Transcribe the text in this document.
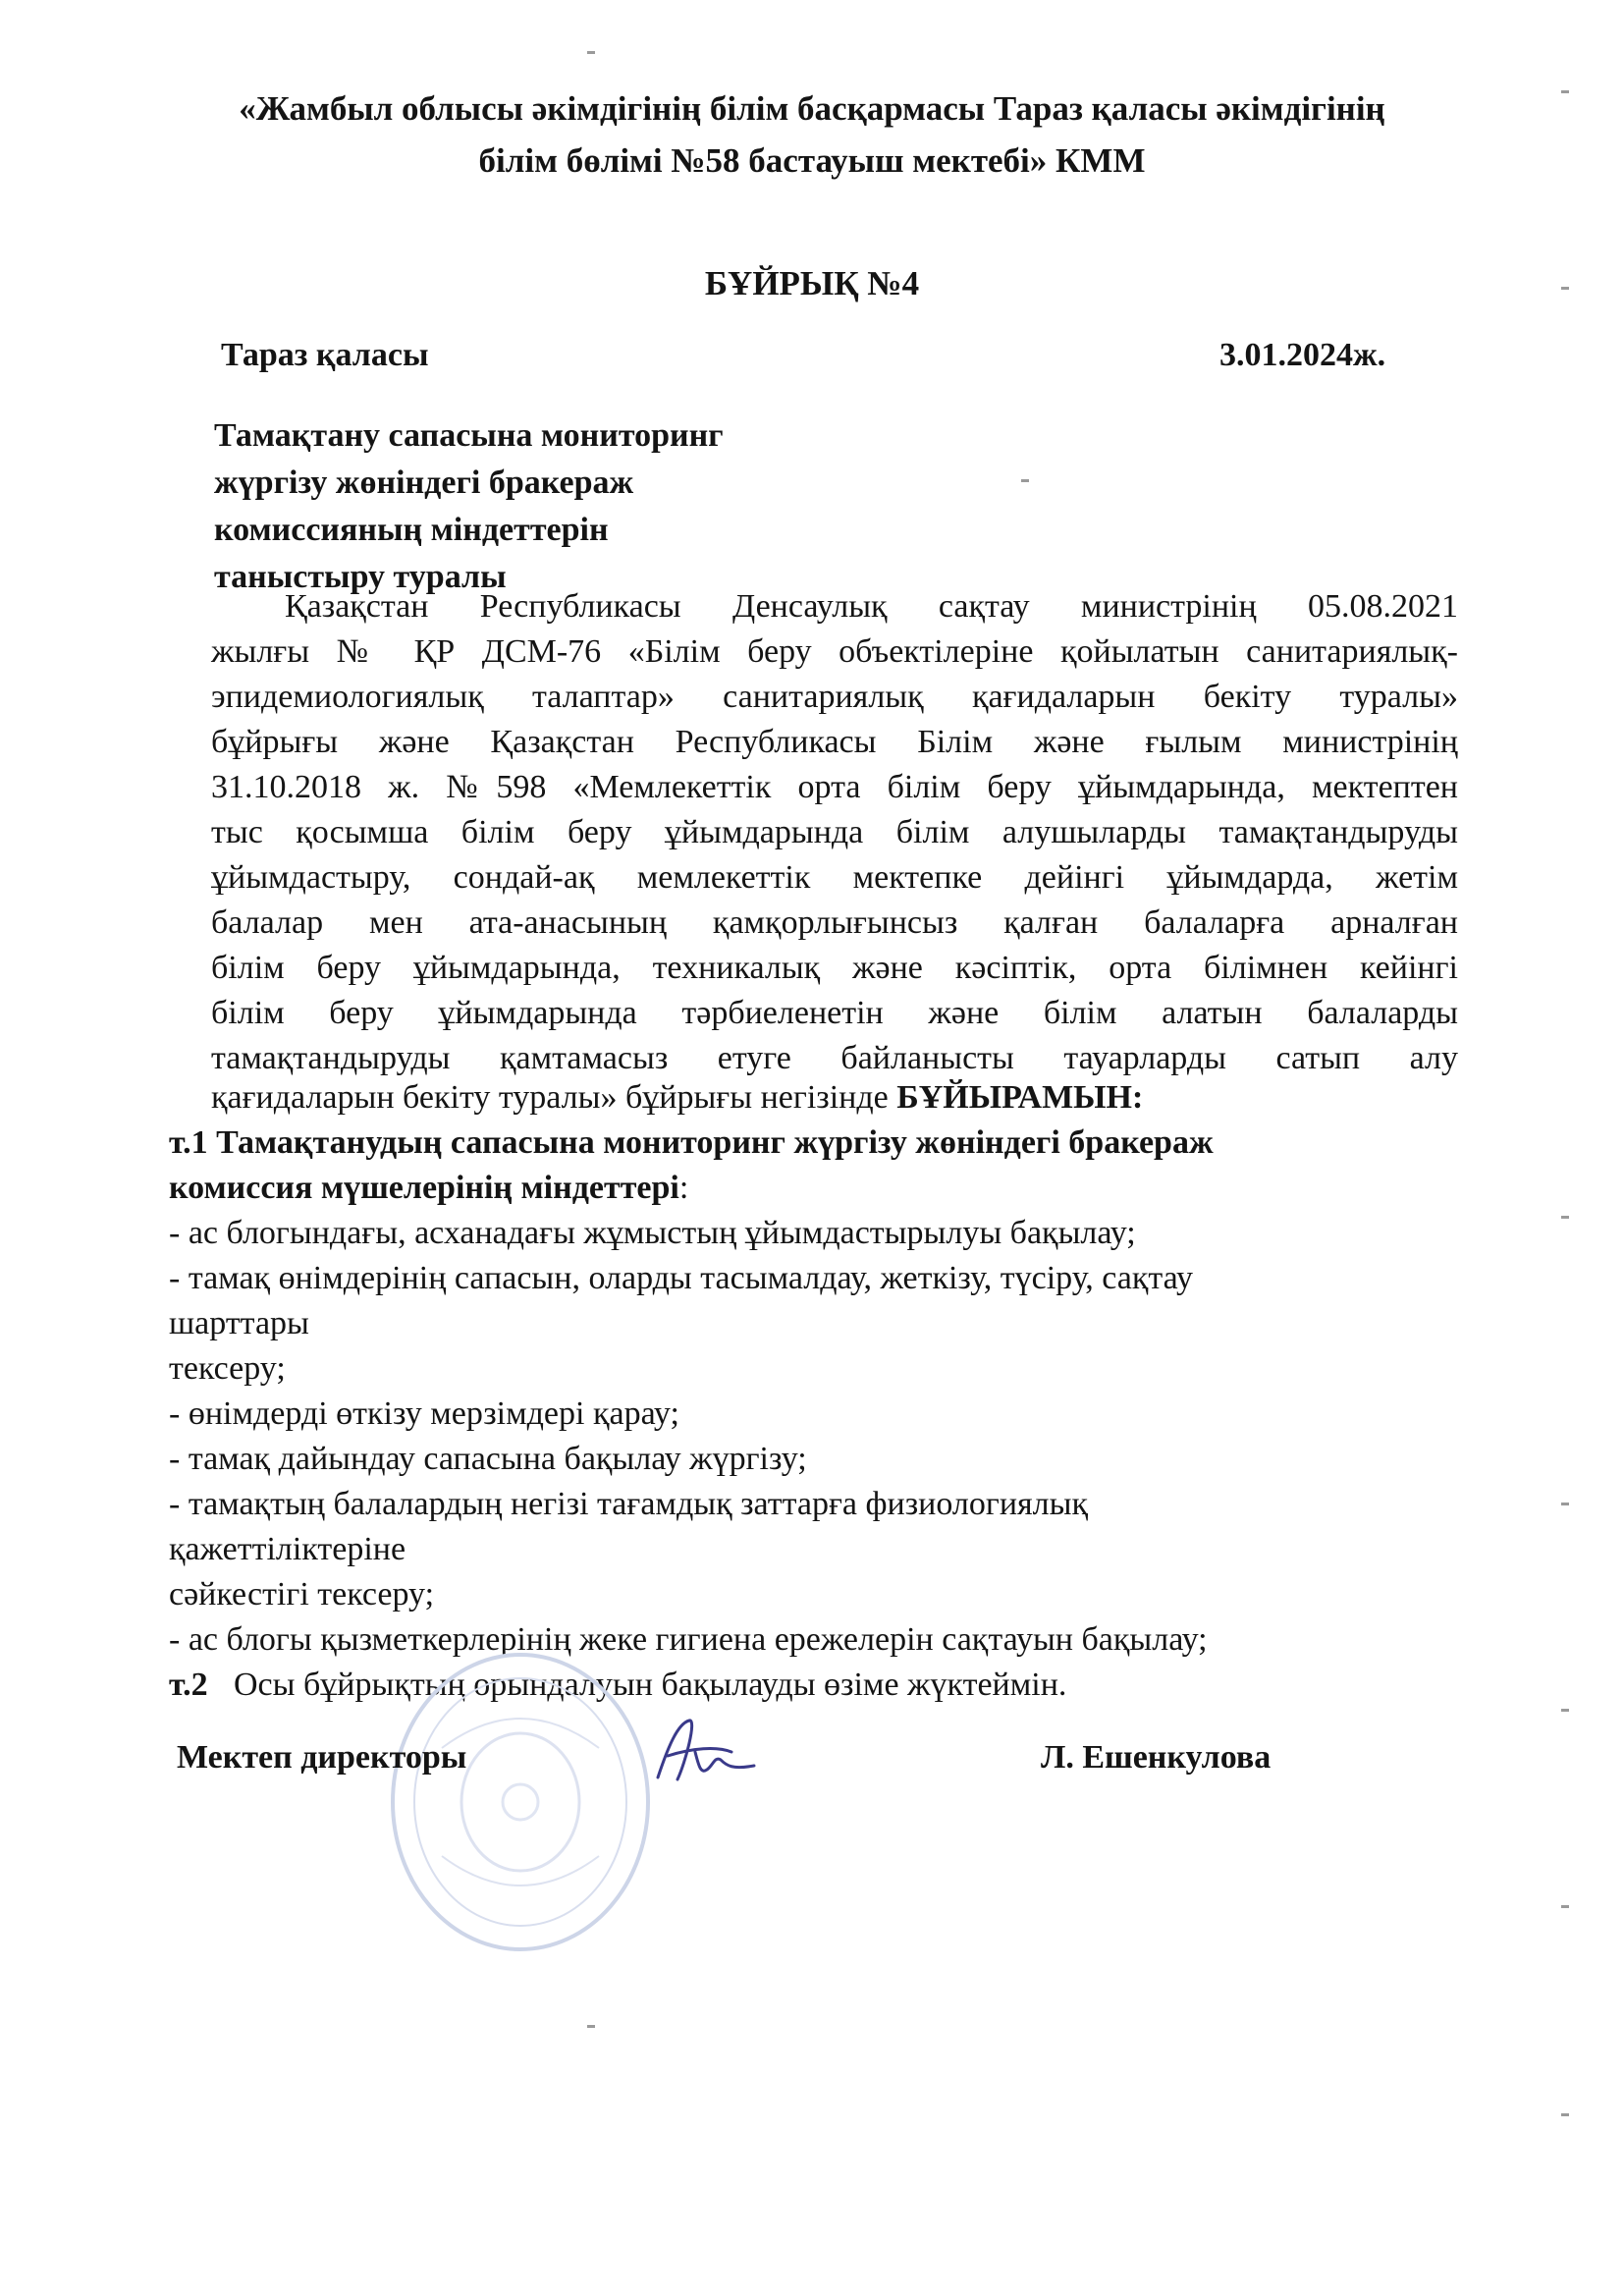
«Жамбыл облысы әкімдігінің білім басқармасы Тараз қаласы әкімдігінің
білім бөлімі №58 бастауыш мектебі» КММ
БҰЙРЫҚ №4
Тараз қаласы	3.01.2024ж.
Тамақтану сапасына мониторинг
жүргізу жөніндегі бракераж
комиссияның міндеттерін
таныстыру туралы
Қазақстан Республикасы Денсаулық сақтау министрінің 05.08.2021
жылғы № ҚР ДСМ-76 «Білім беру объектілеріне қойылатын санитариялық-
эпидемиологиялық талаптар» санитариялық қағидаларын бекіту туралы»
бұйрығы және Қазақстан Республикасы Білім және ғылым министрінің
31.10.2018 ж. №598 «Мемлекеттік орта білім беру ұйымдарында, мектептен
тыс қосымша білім беру ұйымдарында білім алушыларды тамақтандыруды
ұйымдастыру, сондай-ақ мемлекеттік мектепке дейінгі ұйымдарда, жетім
балалар мен ата-анасының қамқорлығынсыз қалған балаларға арналған
білім беру ұйымдарында, техникалық және кәсіптік, орта білімнен кейінгі
білім беру ұйымдарында тәрбиеленетін және білім алатын балаларды
тамақтандыруды қамтамасыз етуге байланысты тауарларды сатып алу
қағидаларын бекіту туралы» бұйрығы негізінде БҰЙЫРАМЫН:
т.1 Тамақтанудың сапасына мониторинг жүргізу жөніндегі бракераж
комиссия мүшелерінің міндеттері:
- ас блогындағы, асханадағы жұмыстың ұйымдастырылуы бақылау;
- тамақ өнімдерінің сапасын, оларды тасымалдау, жеткізу, түсіру, сақтау
шарттары
тексеру;
- өнімдерді өткізу мерзімдері қарау;
- тамақ дайындау сапасына бақылау жүргізу;
- тамақтың балалардың негізі тағамдық заттарға физиологиялық
қажеттіліктеріне
сәйкестігі тексеру;
- ас блогы қызметкерлерінің жеке гигиена ережелерін сақтауын бақылау;
т.2 Осы бұйрықтың орындалуын бақылауды өзіме жүктеймін.
Мектеп директоры	Л. Ешенкулова
